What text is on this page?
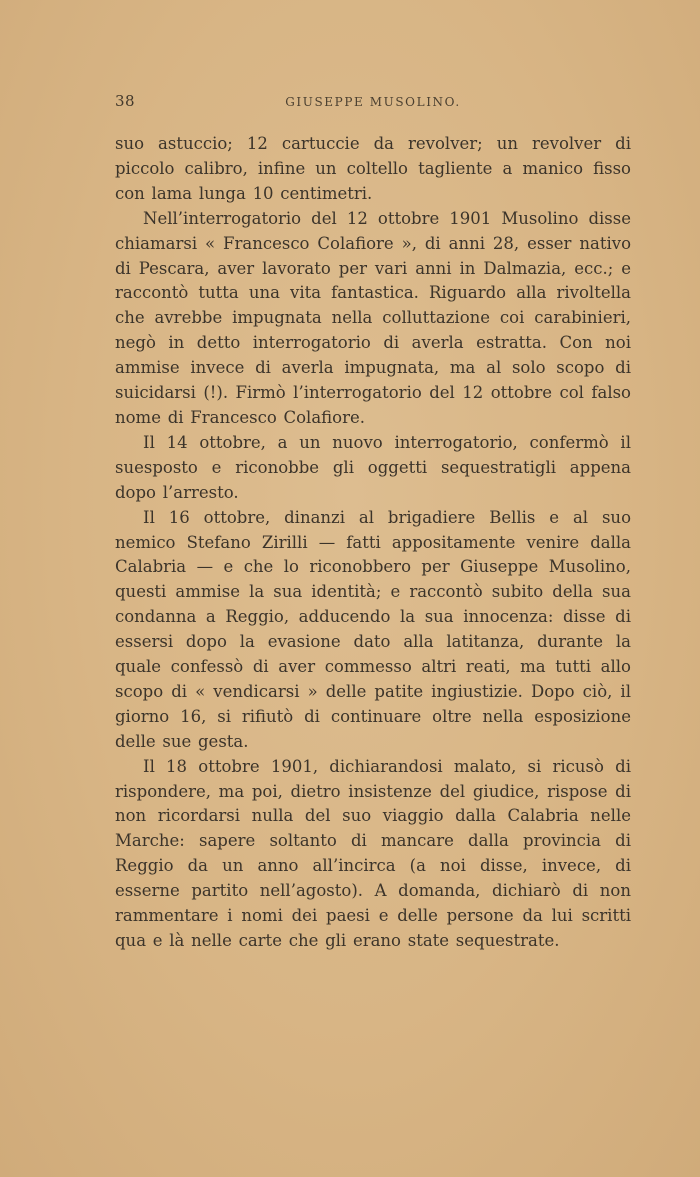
38	GIUSEPPE MUSOLINO.

suo astuccio; 12 cartuccie da revolver; un revolver di piccolo calibro, infine un coltello tagliente a manico fisso con lama lunga 10 centimetri.

Nell’interrogatorio del 12 ottobre 1901 Musolino disse chiamarsi « Francesco Colafiore », di anni 28, esser nativo di Pescara, aver lavorato per vari anni in Dalmazia, ecc.; e raccontò tutta una vita fantastica. Riguardo alla rivoltella che avrebbe impugnata nella colluttazione coi carabinieri, negò in detto interrogatorio di averla estratta. Con noi ammise invece di averla impugnata, ma al solo scopo di suicidarsi (!). Firmò l’interrogatorio del 12 ottobre col falso nome di Francesco Colafiore.

Il 14 ottobre, a un nuovo interrogatorio, confermò il suesposto e riconobbe gli oggetti sequestratigli appena dopo l’arresto.

Il 16 ottobre, dinanzi al brigadiere Bellis e al suo nemico Stefano Zirilli — fatti appositamente venire dalla Calabria — e che lo riconobbero per Giuseppe Musolino, questi ammise la sua identità; e raccontò subito della sua condanna a Reggio, adducendo la sua innocenza: disse di essersi dopo la evasione dato alla latitanza, durante la quale confessò di aver commesso altri reati, ma tutti allo scopo di « vendicarsi » delle patite ingiustizie. Dopo ciò, il giorno 16, si rifiutò di continuare oltre nella esposizione delle sue gesta.

Il 18 ottobre 1901, dichiarandosi malato, si ricusò di rispondere, ma poi, dietro insistenze del giudice, rispose di non ricordarsi nulla del suo viaggio dalla Calabria nelle Marche: sapere soltanto di mancare dalla provincia di Reggio da un anno all’incirca (a noi disse, invece, di esserne partito nell’agosto). A domanda, dichiarò di non rammentare i nomi dei paesi e delle persone da lui scritti qua e là nelle carte che gli erano state sequestrate.
